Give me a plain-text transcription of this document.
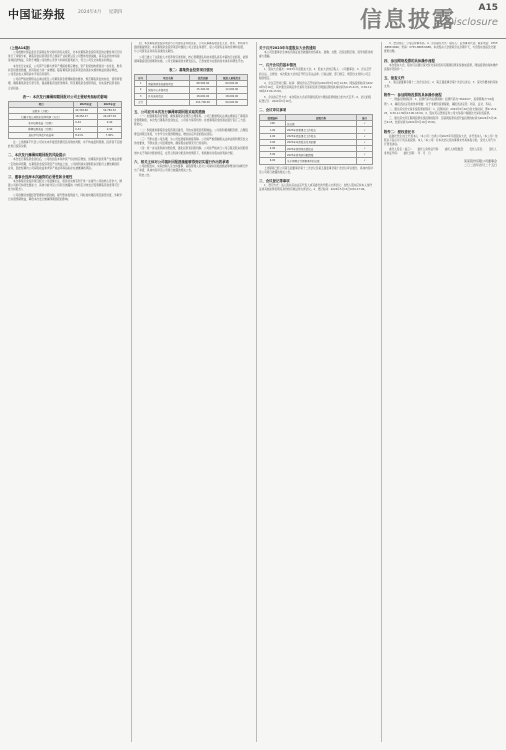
中国证券报	2024年4月 星期四	信息披露 A15
Disclosure
（上接A14版）
公司根据中国证监会及深圳证券交易所的有关规定，对本次募集资金投资项目的必要性和可行性进行了审慎分析，募集资金投资项目符合国家产业政策以及公司整体发展战略，具有良好的市场前景和经济效益，有利于增强公司的核心竞争力和持续盈利能力，符合公司及全体股东的利益。
本次发行完成后，公司资产总额与净资产规模将相应增加，资产负债结构得到进一步优化，财务状况将更加稳健，抗风险能力进一步增强。随着募集资金投资项目的逐步实施和效益的逐步释放，公司营业收入和利润水平将有所提升。
公司将严格按照相关法律法规及公司募集资金管理制度的要求，规范募集资金的存放、使用和管理，确保募集资金专款专用，提高募集资金使用效率，防范募集资金使用风险，切实保护投资者的合法权益。
表一：本次发行摊薄即期回报对公司主要财务指标的影响
项目	2023年度	2024年度
总股本（万股）	42,318.60	50,782.32
归属于母公司股东的净利润（万元）	18,452.17	20,297.39
基本每股收益（元/股）	0.44	0.40
稀释每股收益（元/股）	0.44	0.40
加权平均净资产收益率	8.21%	7.36%
注：上述测算不代表公司对未来年度经营情况及趋势的判断，亦不构成盈利预测，投资者不应据此进行投资决策。
二、本次发行摊薄即期回报的风险提示
本次发行募集资金到位后，公司的总股本和净资产将会相应增加，但募集资金使用产生效益需要一定的时间周期，在募集资金投资项目产生效益之前，公司的利润实现和股东回报仍主要依赖现有业务，因此短期内公司每股收益和净资产收益率等指标存在被摊薄的风险。
三、董事会选择本次融资的必要性和合理性
本次募集资金投资项目经过公司谨慎论证，项目的实施有利于进一步提升公司的核心竞争力，增强公司的可持续发展能力，具体分析详见公司同日披露的《向特定对象发行股票募集资金使用可行性分析报告》。
公司将继续加强经营管理和内部控制，提升整体盈利能力，同时加快募投项目建设进度，争取早日实现预期效益，降低本次发行摊薄即期回报的影响。
四、本次募集资金投资项目与公司现有业务的关系，公司从事募投项目在人员、技术、市场等方面的储备情况。本次募集资金投资项目均围绕公司主营业务展开，是公司现有业务的延伸和拓展，与公司现有业务具有高度的关联性。
公司已建立了完善的人才培养和引进机制，核心管理团队和技术团队具有丰富的行业经验，能够保障募投项目的顺利实施。公司长期重视技术研发投入，已形成较为完善的技术体系和研发平台。
表二：募集资金投资项目情况
序号	项目名称	投资总额	拟投入募集资金
1	智能制造基地建设项目	68,500.00	60,000.00
2	研发中心升级项目	15,200.00	12,000.00
3	补充流动资金	18,000.00	18,000.00
合计		101,700.00	90,000.00
五、公司应对本次发行摊薄即期回报采取的措施
（一）加强募集资金管理，确保募集资金规范合理使用。公司已根据相关法律法规制定了募集资金管理制度，本次发行募集资金到位后，公司将与保荐机构、存放募集资金的商业银行签订三方监管协议。
（二）积极推进募集资金投资项目建设，尽快实现项目预期效益。公司将积极调配资源，合理统筹安排项目进度，力争早日实现预期效益，增加以后年度的股东回报。
（三）不断完善公司治理，为公司发展提供制度保障。公司将严格遵循相关法律法规和规范性文件的要求，不断完善公司治理结构，确保股东能够充分行使权利。
（四）进一步完善利润分配政策，强化投资者回报机制。公司将严格执行公司章程及股东回报规划中关于利润分配的规定，在符合利润分配条件的情况下，积极推动对股东的利润分配。
六、相关主体对公司填补回报措施能够得到切实履行作出的承诺
公司控股股东、实际控制人及全体董事、高级管理人员对公司填补回报措施能够得到切实履行作出了承诺，具体内容详见公司同日披露的相关公告。
特此公告。
关于召开2023年年度股东大会的通知
本公司及董事会全体成员保证信息披露的内容真实、准确、完整，没有虚假记载、误导性陈述或重大遗漏。
一、召开会议的基本情况
1、股东大会届次：2023年年度股东大会。2、股东大会的召集人：公司董事会。3、会议召开的合法、合规性：本次股东大会的召开符合有关法律、行政法规、部门规章、规范性文件和公司章程的规定。
4、会议召开的日期、时间：现场会议召开时间为2024年5月16日14:30；网络投票时间为2024年5月16日，其中通过深圳证券交易所交易系统进行网络投票的具体时间为9:15-9:25，9:30-11:30和13:00-15:00。
5、会议的召开方式：本次股东大会采用现场表决与网络投票相结合的方式召开。6、会议的股权登记日：2024年5月10日。
二、会议审议事项
提案编码	提案名称	备注
100	总议案	√
1.00	2023年度董事会工作报告	√
2.00	2023年度监事会工作报告	√
3.00	2023年年度报告及其摘要	√
4.00	2023年度财务决算报告	√
5.00	2023年度利润分配预案	√
6.00	关于续聘会计师事务所的议案	√
上述提案已经公司第五届董事会第十二次会议及第五届监事会第十次会议审议通过，具体内容详见公司同日披露的相关公告。
三、会议登记等事项
1、登记方式：法人股东应由法定代表人或其委托的代理人出席会议；自然人股东应持本人身份证或其他能够表明其身份的有效证件出席会议。2、登记时间：2024年5月13日9:00-17:00。
3、登记地点：公司证券事务部。4、会议联系方式：联系人：证券事务代表；联系电话：0755-8888 6666；传真：0755-8888 6688。本次股东大会现场会议会期半天，与会股东食宿及交通费用自理。
四、参加网络投票的具体操作流程
本次股东大会，股东可以通过深交所交易系统和互联网投票系统参加投票，网络投票的具体操作流程详见附件一。
五、备查文件
1、第五届董事会第十二次会议决议；2、第五届监事会第十次会议决议；3、深交所要求的其他文件。
附件一：参加网络投票的具体操作流程
一、网络投票的程序：1、投票代码与投票简称：投票代码为“36XXXX”，投票简称为“XX投票”。2、填报表决意见或选举票数：对于非累积投票提案，填报表决意见：同意、反对、弃权。
二、通过深交所交易系统投票的程序：1、投票时间：2024年5月16日的交易时间，即9:15-9:25，9:30-11:30和13:00-15:00。2、股东可以登录证券公司交易客户端通过交易系统投票。
三、通过深交所互联网投票系统投票的程序：互联网投票系统开始投票的时间为2024年5月16日9:15，结束时间为2024年5月16日15:00。
附件二：授权委托书
兹委托先生/女士代表本人（本公司）出席公司2023年年度股东大会，并代表本人（本公司）依照以下指示对下列议案投票。本人（本公司）对本次会议表决事项未作具体指示的，受托人可代为行使表决权。
委托人签名（盖章）：　　委托人身份证号码：　　委托人持股数量：　　受托人签名：　　受托人身份证号码：　　委托日期：　年　月　日
某某股份有限公司董事会
二〇二四年四月二十五日
